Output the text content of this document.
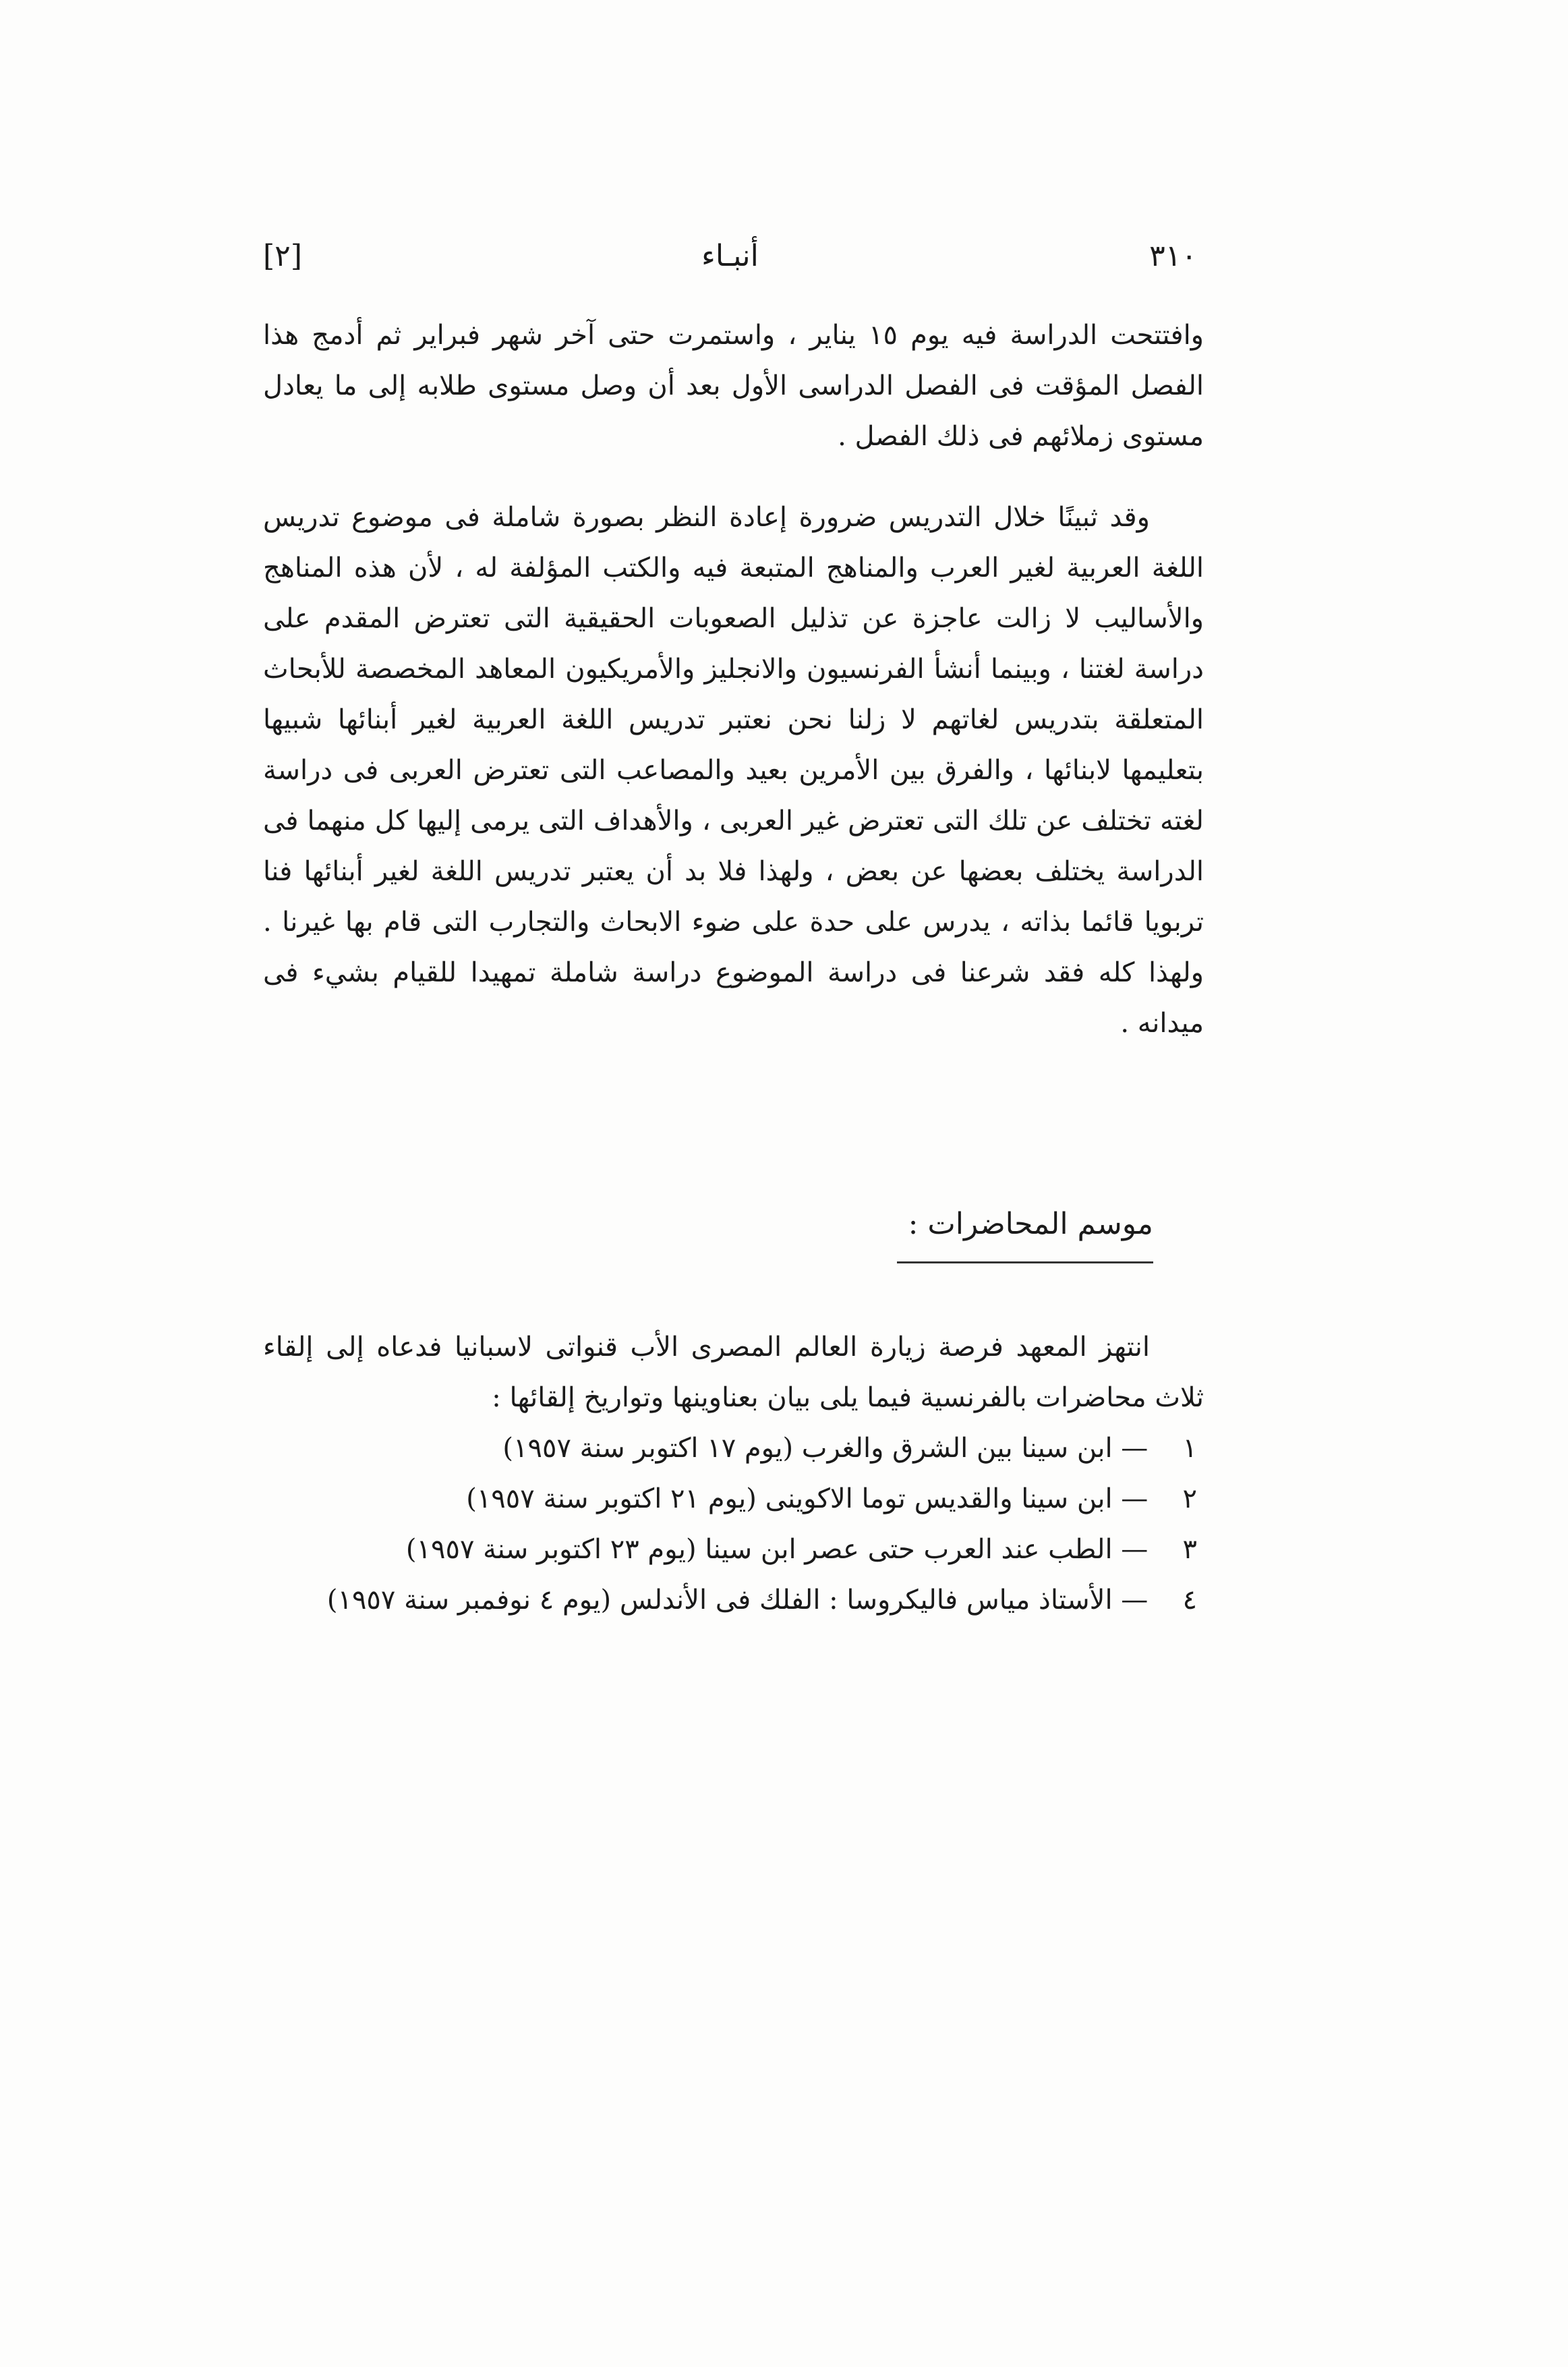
٣١٠
أنبـاء
[٢]

وافتتحت الدراسة فيه يوم ١٥ يناير ، واستمرت حتى آخر شهر فبراير ثم أدمج هذا الفصل المؤقت فى الفصل الدراسى الأول بعد أن وصل مستوى طلابه إلى ما يعادل مستوى زملائهم فى ذلك الفصل .

وقد ثبينًا خلال التدريس ضرورة إعادة النظر بصورة شاملة فى موضوع تدريس اللغة العربية لغير العرب والمناهج المتبعة فيه والكتب المؤلفة له ، لأن هذه المناهج والأساليب لا زالت عاجزة عن تذليل الصعوبات الحقيقية التى تعترض المقدم على دراسة لغتنا ، وبينما أنشأ الفرنسيون والانجليز والأمريكيون المعاهد المخصصة للأبحاث المتعلقة بتدريس لغاتهم لا زلنا نحن نعتبر تدريس اللغة العربية لغير أبنائها شبيها بتعليمها لابنائها ، والفرق بين الأمرين بعيد والمصاعب التى تعترض العربى فى دراسة لغته تختلف عن تلك التى تعترض غير العربى ، والأهداف التى يرمى إليها كل منهما فى الدراسة يختلف بعضها عن بعض ، ولهذا فلا بد أن يعتبر تدريس اللغة لغير أبنائها فنا تربويا قائما بذاته ، يدرس على حدة على ضوء الابحاث والتجارب التى قام بها غيرنا . ولهذا كله فقد شرعنا فى دراسة الموضوع دراسة شاملة تمهيدا للقيام بشيء فى ميدانه .

موسم المحاضرات :

انتهز المعهد فرصة زيارة العالم المصرى الأب قنواتى لاسبانيا فدعاه إلى إلقاء ثلاث محاضرات بالفرنسية فيما يلى بيان بعناوينها وتواريخ إلقائها :

١ — ابن سينا بين الشرق والغرب (يوم ١٧ اكتوبر سنة ١٩٥٧)
٢ — ابن سينا والقديس توما الاكوينى (يوم ٢١ اكتوبر سنة ١٩٥٧)
٣ — الطب عند العرب حتى عصر ابن سينا (يوم ٢٣ اكتوبر سنة ١٩٥٧)
٤ — الأستاذ مياس فاليكروسا : الفلك فى الأندلس (يوم ٤ نوفمبر سنة ١٩٥٧)
